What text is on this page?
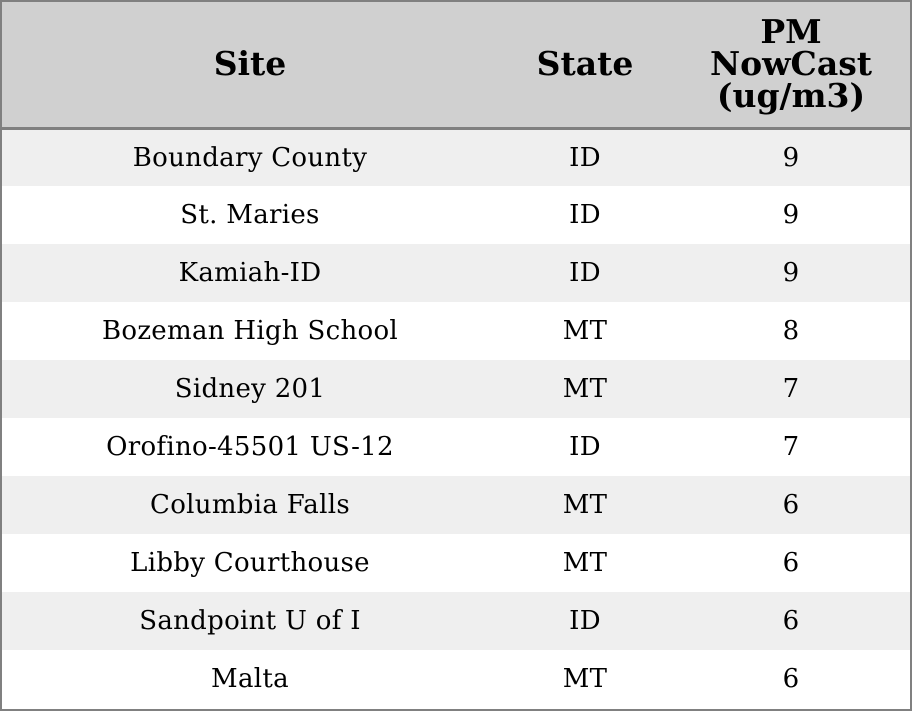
Site	State	PM NowCast (ug/m3)
Boundary County	ID	9
St. Maries	ID	9
Kamiah-ID	ID	9
Bozeman High School	MT	8
Sidney 201	MT	7
Orofino-45501 US-12	ID	7
Columbia Falls	MT	6
Libby Courthouse	MT	6
Sandpoint U of I	ID	6
Malta	MT	6
